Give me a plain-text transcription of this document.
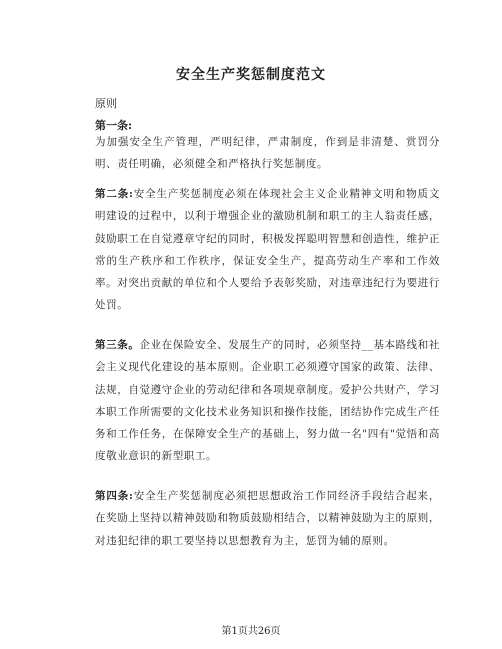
安全生产奖惩制度范文
原则
第一条:
为加强安全生产管理，严明纪律，严肃制度，作到是非清楚、赏罚分明、责任明确，必须健全和严格执行奖惩制度。
第二条:安全生产奖惩制度必须在体现社会主义企业精神文明和物质文明建设的过程中，以利于增强企业的激励机制和职工的主人翁责任感，鼓励职工在自觉遵章守纪的同时，积极发挥聪明智慧和创造性，维护正常的生产秩序和工作秩序，保证安全生产，提高劳动生产率和工作效率。对突出贡献的单位和个人要给予表彰奖励，对违章违纪行为要进行处罚。
第三条。企业在保险安全、发展生产的同时，必须坚持__基本路线和社会主义现代化建设的基本原则。企业职工必须遵守国家的政策、法律、法规，自觉遵守企业的劳动纪律和各项规章制度。爱护公共财产，学习本职工作所需要的文化技术业务知识和操作技能，团结协作完成生产任务和工作任务，在保障安全生产的基础上，努力做一名"四有"觉悟和高度敬业意识的新型职工。
第四条:安全生产奖惩制度必须把思想政治工作同经济手段结合起来，在奖励上坚持以精神鼓励和物质鼓励相结合，以精神鼓励为主的原则，对违犯纪律的职工要坚持以思想教育为主，惩罚为辅的原则。
第1页共26页
